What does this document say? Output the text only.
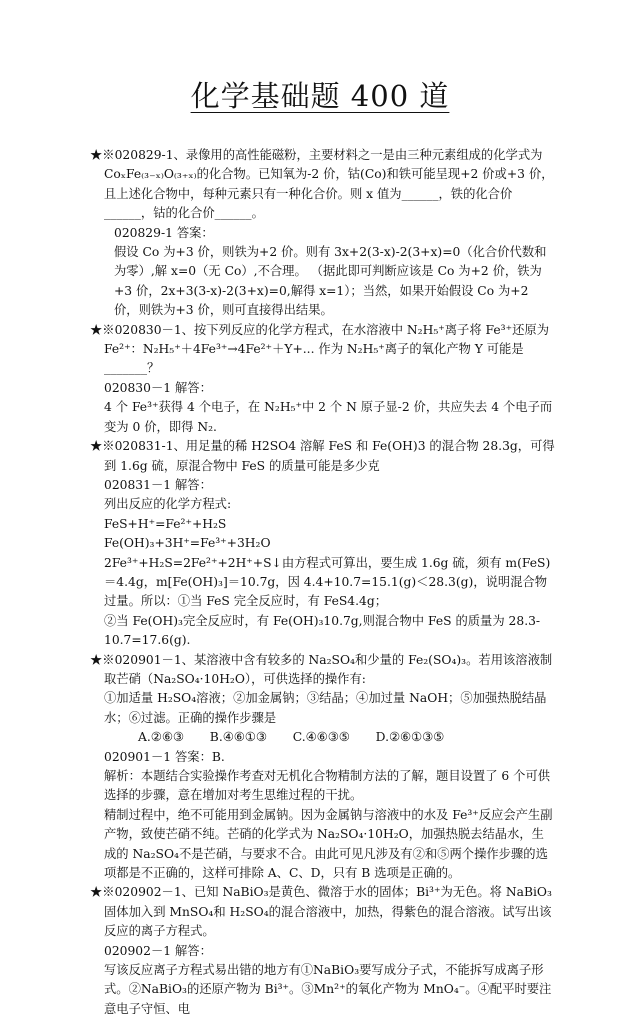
化学基础题 400 道

★※020829-1、录像用的高性能磁粉，主要材料之一是由三种元素组成的化学式为CoₓFe₍₃₋ₓ₎O₍₃₊ₓ₎的化合物。已知氧为-2 价，钴(Co)和铁可能呈现+2 价或+3 价，且上述化合物中，每种元素只有一种化合价。则 x 值为______，铁的化合价______，钴的化合价______。

020829-1 答案：

假设 Co 为+3 价，则铁为+2 价。则有 3x+2(3-x)-2(3+x)=0（化合价代数和为零）,解 x=0（无 Co）,不合理。 （据此即可判断应该是 Co 为+2 价，铁为+3 价，2x+3(3-x)-2(3+x)=0,解得 x=1）；当然，如果开始假设 Co 为+2 价，则铁为+3 价，则可直接得出结果。

★※020830－1、按下列反应的化学方程式，在水溶液中 N₂H₅⁺离子将 Fe³⁺还原为 Fe²⁺：N₂H₅⁺＋4Fe³⁺→4Fe²⁺＋Y+... 作为 N₂H₅⁺离子的氧化产物 Y 可能是_______？

020830－1 解答：

4 个 Fe³⁺获得 4 个电子，在 N₂H₅⁺中 2 个 N 原子显-2 价，共应失去 4 个电子而变为 0 价，即得 N₂.

★※020831-1、用足量的稀 H2SO4 溶解 FeS 和 Fe(OH)3 的混合物 28.3g，可得到 1.6g 硫，原混合物中 FeS 的质量可能是多少克

020831－1 解答：

列出反应的化学方程式:

FeS+H⁺=Fe²⁺+H₂S

Fe(OH)₃+3H⁺=Fe³⁺+3H₂O

2Fe³⁺+H₂S=2Fe²⁺+2H⁺+S↓由方程式可算出，要生成 1.6g 硫，须有 m(FeS)＝4.4g，m[Fe(OH)₃]＝10.7g，因 4.4+10.7=15.1(g)＜28.3(g)，说明混合物过量。所以：①当 FeS 完全反应时，有 FeS4.4g；

②当 Fe(OH)₃完全反应时，有 Fe(OH)₃10.7g,则混合物中 FeS 的质量为 28.3-10.7=17.6(g).

★※020901－1、某溶液中含有较多的 Na₂SO₄和少量的 Fe₂(SO₄)₃。若用该溶液制取芒硝（Na₂SO₄·10H₂O），可供选择的操作有:

①加适量 H₂SO₄溶液；②加金属钠；③结晶；④加过量 NaOH；⑤加强热脱结晶水；⑥过滤。正确的操作步骤是

A.②⑥③ B.④⑥①③ C.④⑥③⑤ D.②⑥①③⑤

020901－1 答案：B.

解析：本题结合实验操作考查对无机化合物精制方法的了解，题目设置了 6 个可供选择的步骤，意在增加对考生思维过程的干扰。

精制过程中，绝不可能用到金属钠。因为金属钠与溶液中的水及 Fe³⁺反应会产生副产物，致使芒硝不纯。芒硝的化学式为 Na₂SO₄·10H₂O，加强热脱去结晶水，生成的 Na₂SO₄不是芒硝，与要求不合。由此可见凡涉及有②和⑤两个操作步骤的选项都是不正确的，这样可排除 A、C、D，只有 B 选项是正确的。

★※020902－1、已知 NaBiO₃是黄色、微溶于水的固体；Bi³⁺为无色。将 NaBiO₃固体加入到 MnSO₄和 H₂SO₄的混合溶液中，加热，得紫色的混合溶液。试写出该反应的离子方程式。

020902－1 解答：

写该反应离子方程式易出错的地方有①NaBiO₃要写成分子式，不能拆写成离子形式。②NaBiO₃的还原产物为 Bi³⁺。③Mn²⁺的氧化产物为 MnO₄⁻。④配平时要注意电子守恒、电
